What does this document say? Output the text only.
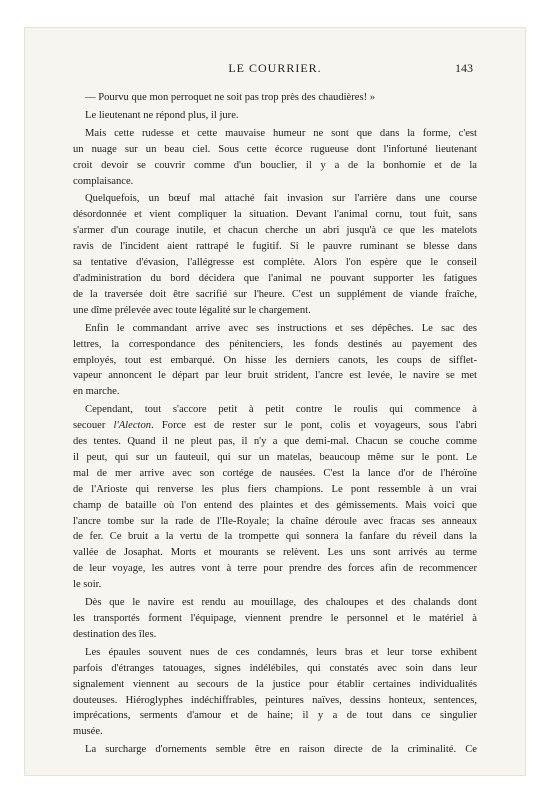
LE COURRIER.	143
— Pourvu que mon perroquet ne soit pas trop près des chaudières! »
Le lieutenant ne répond plus, il jure.
Mais cette rudesse et cette mauvaise humeur ne sont que dans la forme, c'est
un nuage sur un beau ciel. Sous cette écorce rugueuse dont l'infortuné lieutenant
croit devoir se couvrir comme d'un bouclier, il y a de la bonhomie et de la
complaisance.
Quelquefois, un bœuf mal attaché fait invasion sur l'arrière dans une course
désordonnée et vient compliquer la situation. Devant l'animal cornu, tout fuit, sans
s'armer d'un courage inutile, et chacun cherche un abri jusqu'à ce que les matelots
ravis de l'incident aient rattrapé le fugitif. Si le pauvre ruminant se blesse dans
sa tentative d'évasion, l'allégresse est complète. Alors l'on espère que le conseil
d'administration du bord décidera que l'animal ne pouvant supporter les fatigues
de la traversée doit être sacrifié sur l'heure. C'est un supplément de viande fraîche,
une dîme prélevée avec toute légalité sur le chargement.
Enfin le commandant arrive avec ses instructions et ses dépêches. Le sac des
lettres, la correspondance des pénitenciers, les fonds destinés au payement des
employés, tout est embarqué. On hisse les derniers canots, les coups de sifflet-
vapeur annoncent le départ par leur bruit strident, l'ancre est levée, le navire se met
en marche.
Cependant, tout s'accore petit à petit contre le roulis qui commence à
secouer l'Alecton. Force est de rester sur le pont, colis et voyageurs, sous l'abri
des tentes. Quand il ne pleut pas, il n'y a que demi-mal. Chacun se couche comme
il peut, qui sur un fauteuil, qui sur un matelas, beaucoup même sur le pont. Le
mal de mer arrive avec son cortége de nausées. C'est la lance d'or de l'héroïne
de l'Arioste qui renverse les plus fiers champions. Le pont ressemble à un vrai
champ de bataille où l'on entend des plaintes et des gémissements. Mais voici que
l'ancre tombe sur la rade de l'Ile-Royale; la chaîne déroule avec fracas ses anneaux
de fer. Ce bruit a la vertu de la trompette qui sonnera la fanfare du réveil dans la
vallée de Josaphat. Morts et mourants se relèvent. Les uns sont arrivés au terme
de leur voyage, les autres vont à terre pour prendre des forces afin de recommencer
le soir.
Dès que le navire est rendu au mouillage, des chaloupes et des chalands dont
les transportés forment l'équipage, viennent prendre le personnel et le matériel à
destination des îles.
Les épaules souvent nues de ces condamnés, leurs bras et leur torse exhibent
parfois d'étranges tatouages, signes indélébiles, qui constatés avec soin dans leur
signalement viennent au secours de la justice pour établir certaines individualités
douteuses. Hiéroglyphes indéchiffrables, peintures naïves, dessins honteux, sentences,
imprécations, serments d'amour et de haine; il y a de tout dans ce singulier
musée.
La surcharge d'ornements semble être en raison directe de la criminalité. Ce
